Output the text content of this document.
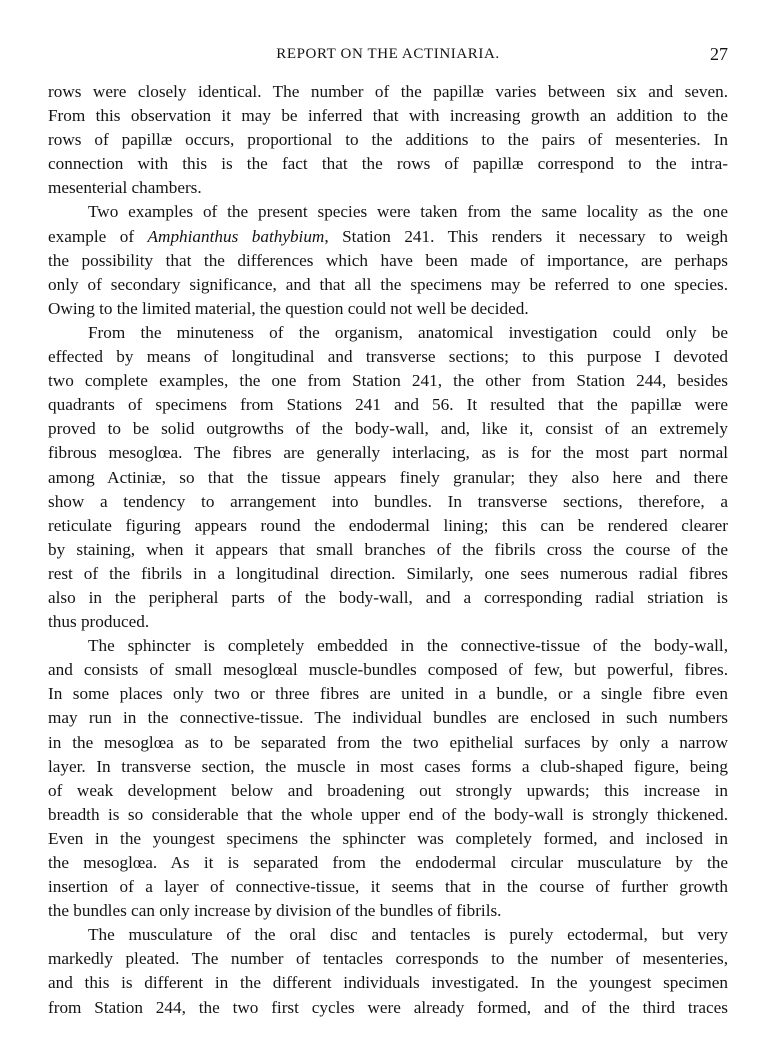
REPORT ON THE ACTINIARIA.	27

rows were closely identical. The number of the papillæ varies between six and seven.
From this observation it may be inferred that with increasing growth an addition to the
rows of papillæ occurs, proportional to the additions to the pairs of mesenteries. In
connection with this is the fact that the rows of papillæ correspond to the intra-
mesenterial chambers.

Two examples of the present species were taken from the same locality as the one
example of Amphianthus bathybium, Station 241. This renders it necessary to weigh
the possibility that the differences which have been made of importance, are perhaps
only of secondary significance, and that all the specimens may be referred to one species.
Owing to the limited material, the question could not well be decided.

From the minuteness of the organism, anatomical investigation could only be
effected by means of longitudinal and transverse sections; to this purpose I devoted
two complete examples, the one from Station 241, the other from Station 244, besides
quadrants of specimens from Stations 241 and 56. It resulted that the papillæ were
proved to be solid outgrowths of the body-wall, and, like it, consist of an extremely
fibrous mesoglœa. The fibres are generally interlacing, as is for the most part normal
among Actiniæ, so that the tissue appears finely granular; they also here and there
show a tendency to arrangement into bundles. In transverse sections, therefore, a
reticulate figuring appears round the endodermal lining; this can be rendered clearer
by staining, when it appears that small branches of the fibrils cross the course of the
rest of the fibrils in a longitudinal direction. Similarly, one sees numerous radial fibres
also in the peripheral parts of the body-wall, and a corresponding radial striation is
thus produced.

The sphincter is completely embedded in the connective-tissue of the body-wall,
and consists of small mesoglœal muscle-bundles composed of few, but powerful, fibres.
In some places only two or three fibres are united in a bundle, or a single fibre even
may run in the connective-tissue. The individual bundles are enclosed in such numbers
in the mesoglœa as to be separated from the two epithelial surfaces by only a narrow
layer. In transverse section, the muscle in most cases forms a club-shaped figure, being
of weak development below and broadening out strongly upwards; this increase in
breadth is so considerable that the whole upper end of the body-wall is strongly thickened.
Even in the youngest specimens the sphincter was completely formed, and inclosed in
the mesoglœa. As it is separated from the endodermal circular musculature by the
insertion of a layer of connective-tissue, it seems that in the course of further growth
the bundles can only increase by division of the bundles of fibrils.

The musculature of the oral disc and tentacles is purely ectodermal, but very
markedly pleated. The number of tentacles corresponds to the number of mesenteries,
and this is different in the different individuals investigated. In the youngest specimen
from Station 244, the two first cycles were already formed, and of the third traces
